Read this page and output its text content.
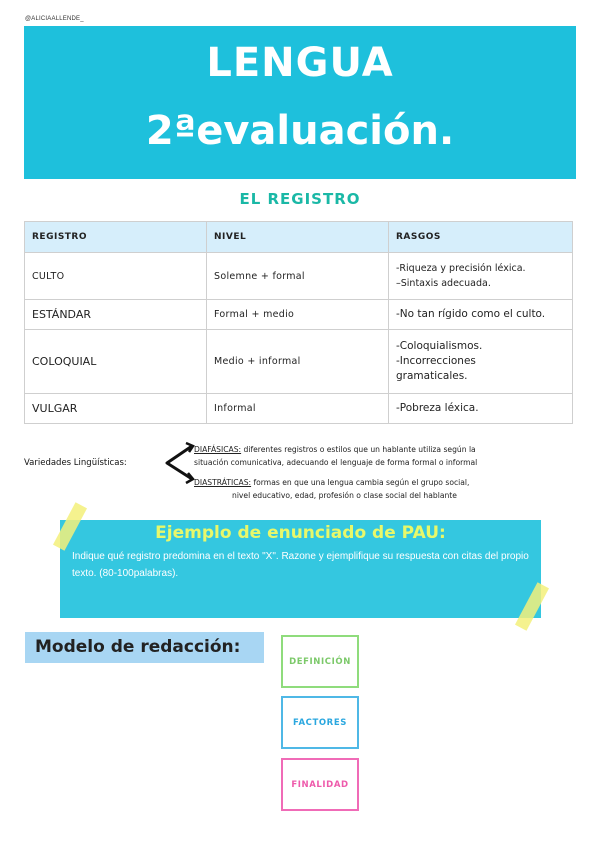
@ALICIAALLENDE_
LENGUA
2ªevaluación.
EL REGISTRO
REGISTRO	NIVEL	RASGOS
CULTO	Solemne + formal	-Riqueza y precisión léxica.
–Sintaxis adecuada.

ESTÁNDAR	Formal + medio	-No tan rígido como el culto.

COLOQUIAL	Medio + informal	-Coloquialismos.
-Incorrecciones
gramaticales.

VULGAR	Informal	-Pobreza léxica.
Variedades Lingüísticas:
DIAFÁSICAS: diferentes registros o estilos que un hablante utiliza según la
situación comunicativa, adecuando el lenguaje de forma formal o informal
DIASTRÁTICAS: formas en que una lengua cambia según el grupo social,
nivel educativo, edad, profesión o clase social del hablante
Ejemplo de enunciado de PAU:
Indique qué registro predomina en el texto "X". Razone y ejemplifique su respuesta con citas del propio texto. (80-100palabras).
Modelo de redacción:
DEFINICIÓN
FACTORES
FINALIDAD
